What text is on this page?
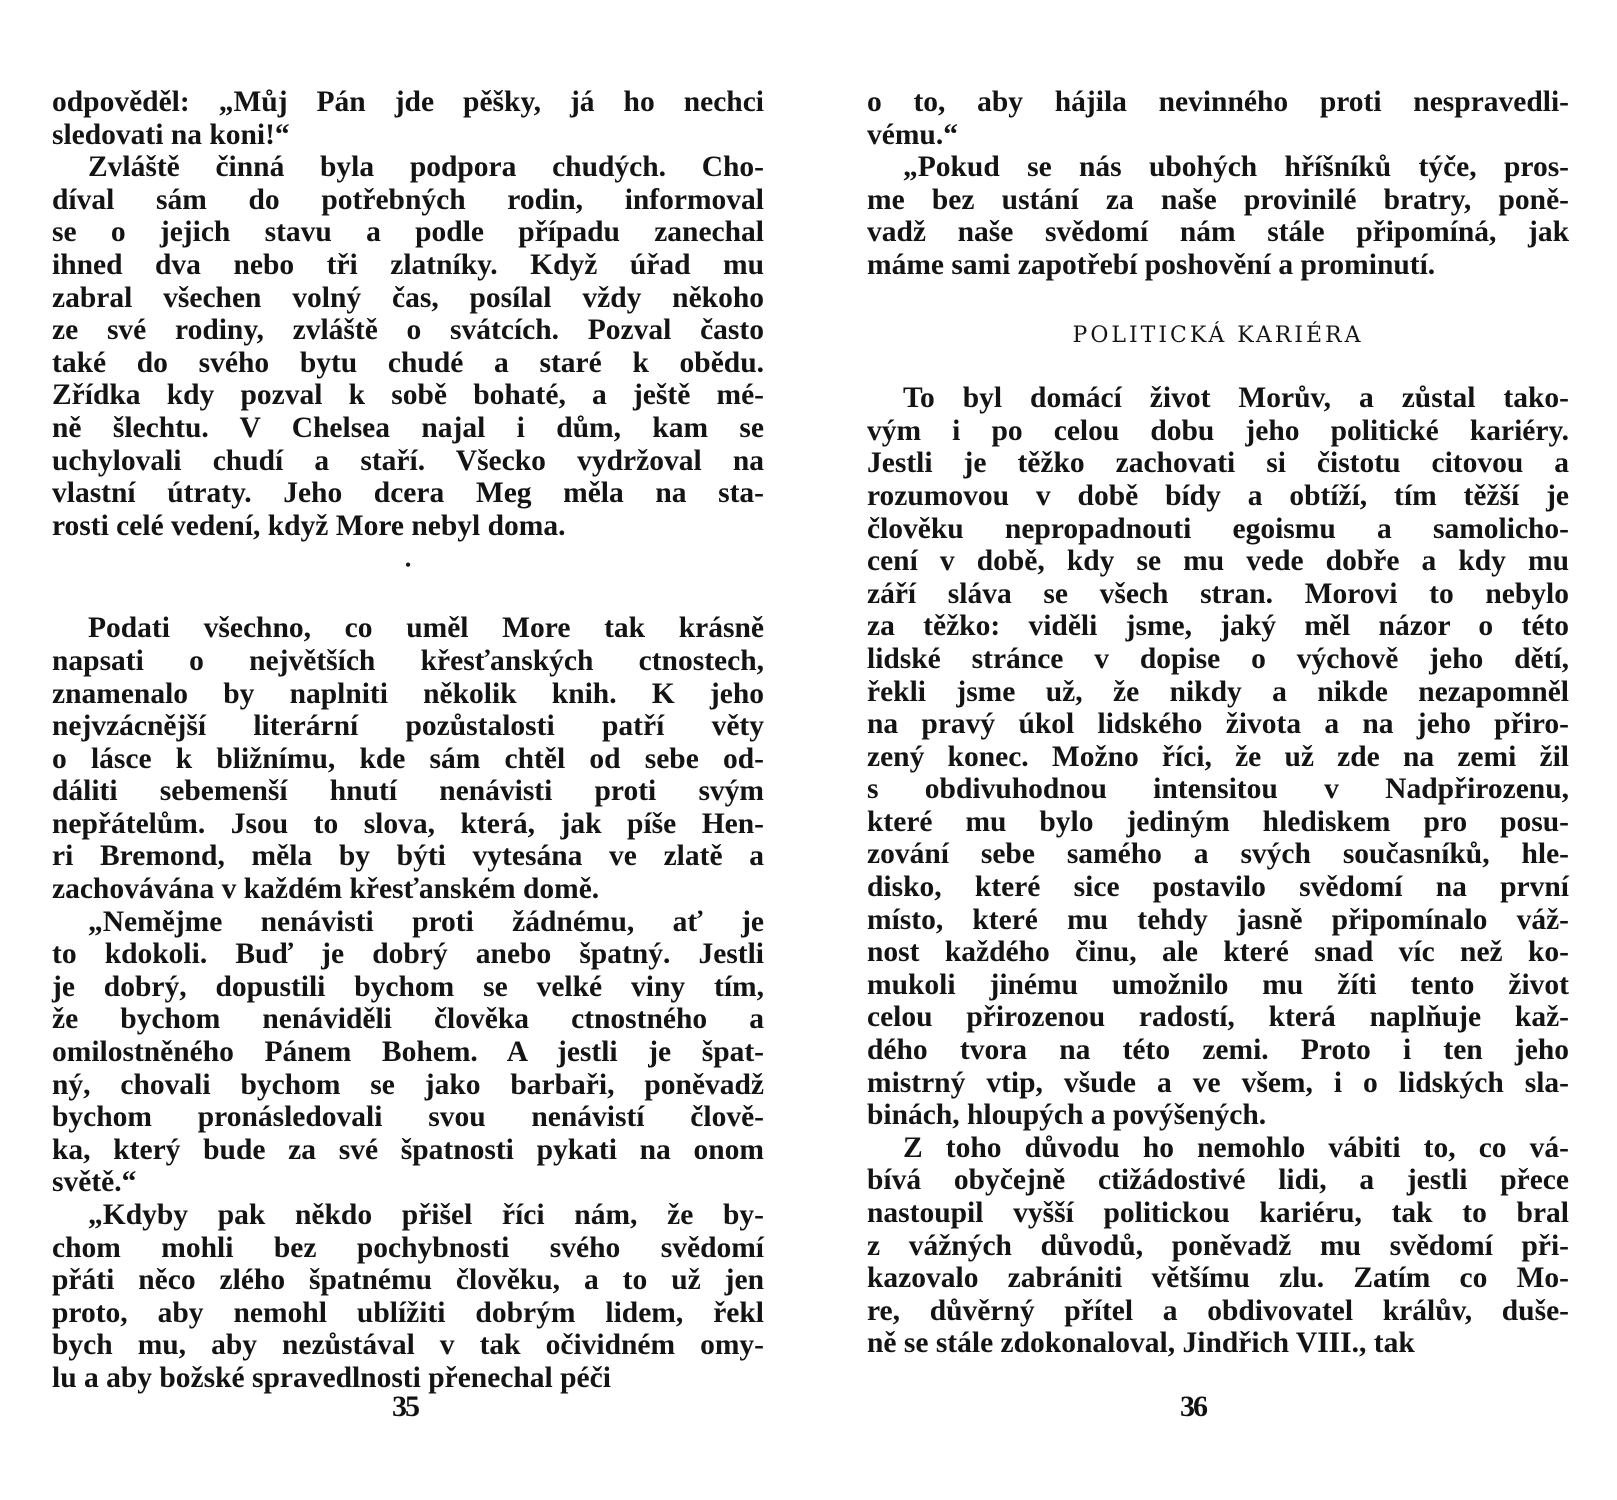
odpověděl: „Můj Pán jde pěšky, já ho nechci
sledovati na koni!“
Zvláště činná byla podpora chudých. Cho-
díval sám do potřebných rodin, informoval
se o jejich stavu a podle případu zanechal
ihned dva nebo tři zlatníky. Když úřad mu
zabral všechen volný čas, posílal vždy někoho
ze své rodiny, zvláště o svátcích. Pozval často
také do svého bytu chudé a staré k obědu.
Zřídka kdy pozval k sobě bohaté, a ještě mé-
ně šlechtu. V Chelsea najal i dům, kam se
uchylovali chudí a staří. Všecko vydržoval na
vlastní útraty. Jeho dcera Meg měla na sta-
rosti celé vedení, když More nebyl doma.
•
Podati všechno, co uměl More tak krásně
napsati o největších křesťanských ctnostech,
znamenalo by naplniti několik knih. K jeho
nejvzácnější literární pozůstalosti patří věty
o lásce k bližnímu, kde sám chtěl od sebe od-
dáliti sebemenší hnutí nenávisti proti svým
nepřátelům. Jsou to slova, která, jak píše Hen-
ri Bremond, měla by býti vytesána ve zlatě a
zachovávána v každém křesťanském domě.
„Nemějme nenávisti proti žádnému, ať je
to kdokoli. Buď je dobrý anebo špatný. Jestli
je dobrý, dopustili bychom se velké viny tím,
že bychom nenáviděli člověka ctnostného a
omilostněného Pánem Bohem. A jestli je špat-
ný, chovali bychom se jako barbaři, poněvadž
bychom pronásledovali svou nenávistí člově-
ka, který bude za své špatnosti pykati na onom
světě.“
„Kdyby pak někdo přišel říci nám, že by-
chom mohli bez pochybnosti svého svědomí
přáti něco zlého špatnému člověku, a to už jen
proto, aby nemohl ublížiti dobrým lidem, řekl
bych mu, aby nezůstával v tak očividném omy-
lu a aby božské spravedlnosti přenechal péči
o to, aby hájila nevinného proti nespravedli-
vému.“
„Pokud se nás ubohých hříšníků týče, pros-
me bez ustání za naše provinilé bratry, poně-
vadž naše svědomí nám stále připomíná, jak
máme sami zapotřebí poshovění a prominutí.
POLITICKÁ KARIÉRA
To byl domácí život Morův, a zůstal tako-
vým i po celou dobu jeho politické kariéry.
Jestli je těžko zachovati si čistotu citovou a
rozumovou v době bídy a obtíží, tím těžší je
člověku nepropadnouti egoismu a samolicho-
cení v době, kdy se mu vede dobře a kdy mu
září sláva se všech stran. Morovi to nebylo
za těžko: viděli jsme, jaký měl názor o této
lidské stránce v dopise o výchově jeho dětí,
řekli jsme už, že nikdy a nikde nezapomněl
na pravý úkol lidského života a na jeho přiro-
zený konec. Možno říci, že už zde na zemi žil
s obdivuhodnou intensitou v Nadpřirozenu,
které mu bylo jediným hlediskem pro posu-
zování sebe samého a svých současníků, hle-
disko, které sice postavilo svědomí na první
místo, které mu tehdy jasně připomínalo váž-
nost každého činu, ale které snad víc než ko-
mukoli jinému umožnilo mu žíti tento život
celou přirozenou radostí, která naplňuje kaž-
dého tvora na této zemi. Proto i ten jeho
mistrný vtip, všude a ve všem, i o lidských sla-
binách, hloupých a povýšených.
Z toho důvodu ho nemohlo vábiti to, co vá-
bívá obyčejně ctižádostivé lidi, a jestli přece
nastoupil vyšší politickou kariéru, tak to bral
z vážných důvodů, poněvadž mu svědomí při-
kazovalo zabrániti většímu zlu. Zatím co Mo-
re, důvěrný přítel a obdivovatel králův, duše-
ně se stále zdokonaloval, Jindřich VIII., tak
35	36
